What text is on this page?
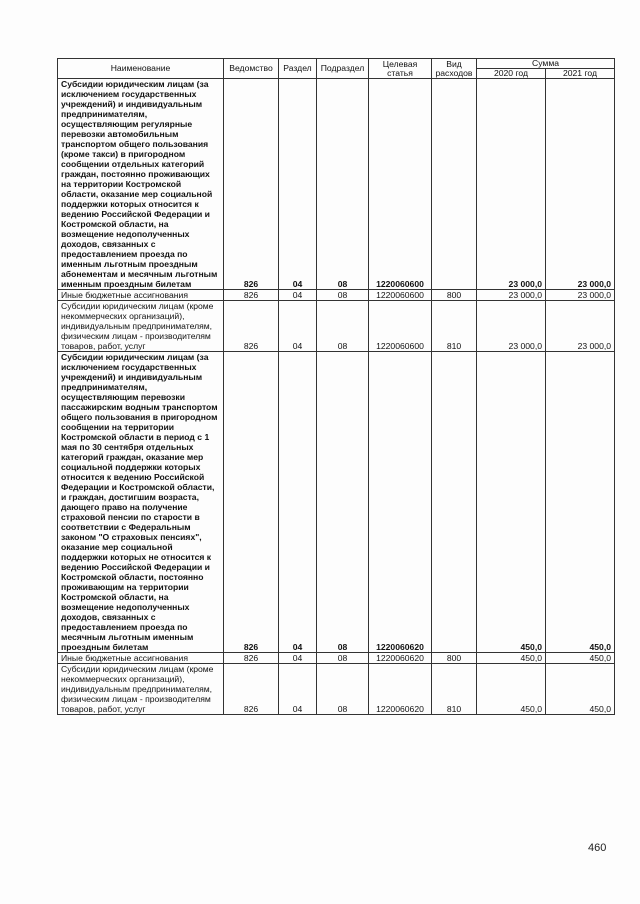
Наименование	Ведомство	Раздел	Подраздел	Целевая статья	Вид расходов	Сумма	
						2020 год	2021 год
Субсидии юридическим лицам (за исключением государственных учреждений) и индивидуальным предпринимателям, осуществляющим регулярные перевозки автомобильным транспортом общего пользования (кроме такси) в пригородном сообщении отдельных категорий граждан, постоянно проживающих на территории Костромской области, оказание мер социальной поддержки которых относится к ведению Российской Федерации и Костромской области, на возмещение недополученных доходов, связанных с предоставлением проезда по именным льготным проездным абонементам и месячным льготным именным проездным билетам	826	04	08	1220060600		23 000,0	23 000,0
Иные бюджетные ассигнования	826	04	08	1220060600	800	23 000,0	23 000,0
Субсидии юридическим лицам (кроме некоммерческих организаций), индивидуальным предпринимателям, физическим лицам - производителям товаров, работ, услуг	826	04	08	1220060600	810	23 000,0	23 000,0
Субсидии юридическим лицам (за исключением государственных учреждений) и индивидуальным предпринимателям, осуществляющим перевозки пассажирским водным транспортом общего пользования в пригородном сообщении на территории Костромской области в период с 1 мая по 30 сентября отдельных категорий граждан, оказание мер социальной поддержки которых относится к ведению Российской Федерации и Костромской области, и граждан, достигшим возраста, дающего право на получение страховой пенсии по старости в соответствии с Федеральным законом "О страховых пенсиях", оказание мер социальной поддержки которых не относится к ведению Российской Федерации и Костромской области, постоянно проживающим на территории Костромской области, на возмещение недополученных доходов, связанных с предоставлением проезда по месячным льготным именным проездным билетам	826	04	08	1220060620		450,0	450,0
Иные бюджетные ассигнования	826	04	08	1220060620	800	450,0	450,0
Субсидии юридическим лицам (кроме некоммерческих организаций), индивидуальным предпринимателям, физическим лицам - производителям товаров, работ, услуг	826	04	08	1220060620	810	450,0	450,0
460
